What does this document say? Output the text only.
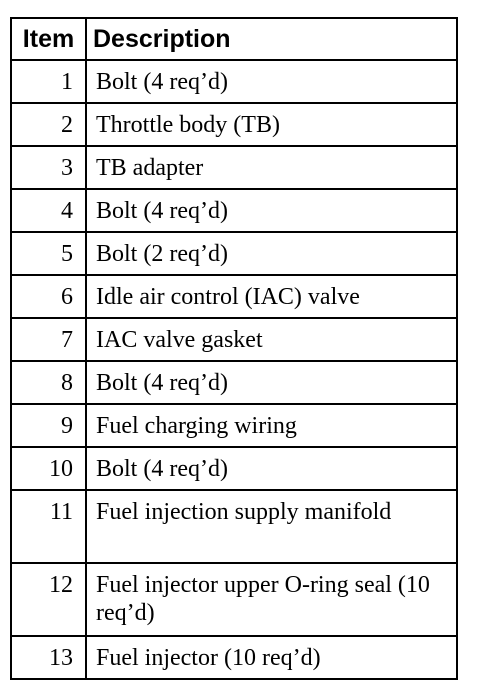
Item	Description
1	Bolt (4 req’d)
2	Throttle body (TB)
3	TB adapter
4	Bolt (4 req’d)
5	Bolt (2 req’d)
6	Idle air control (IAC) valve
7	IAC valve gasket
8	Bolt (4 req’d)
9	Fuel charging wiring
10	Bolt (4 req’d)
11	Fuel injection supply manifold
12	Fuel injector upper O-ring seal (10 req’d)
13	Fuel injector (10 req’d)
